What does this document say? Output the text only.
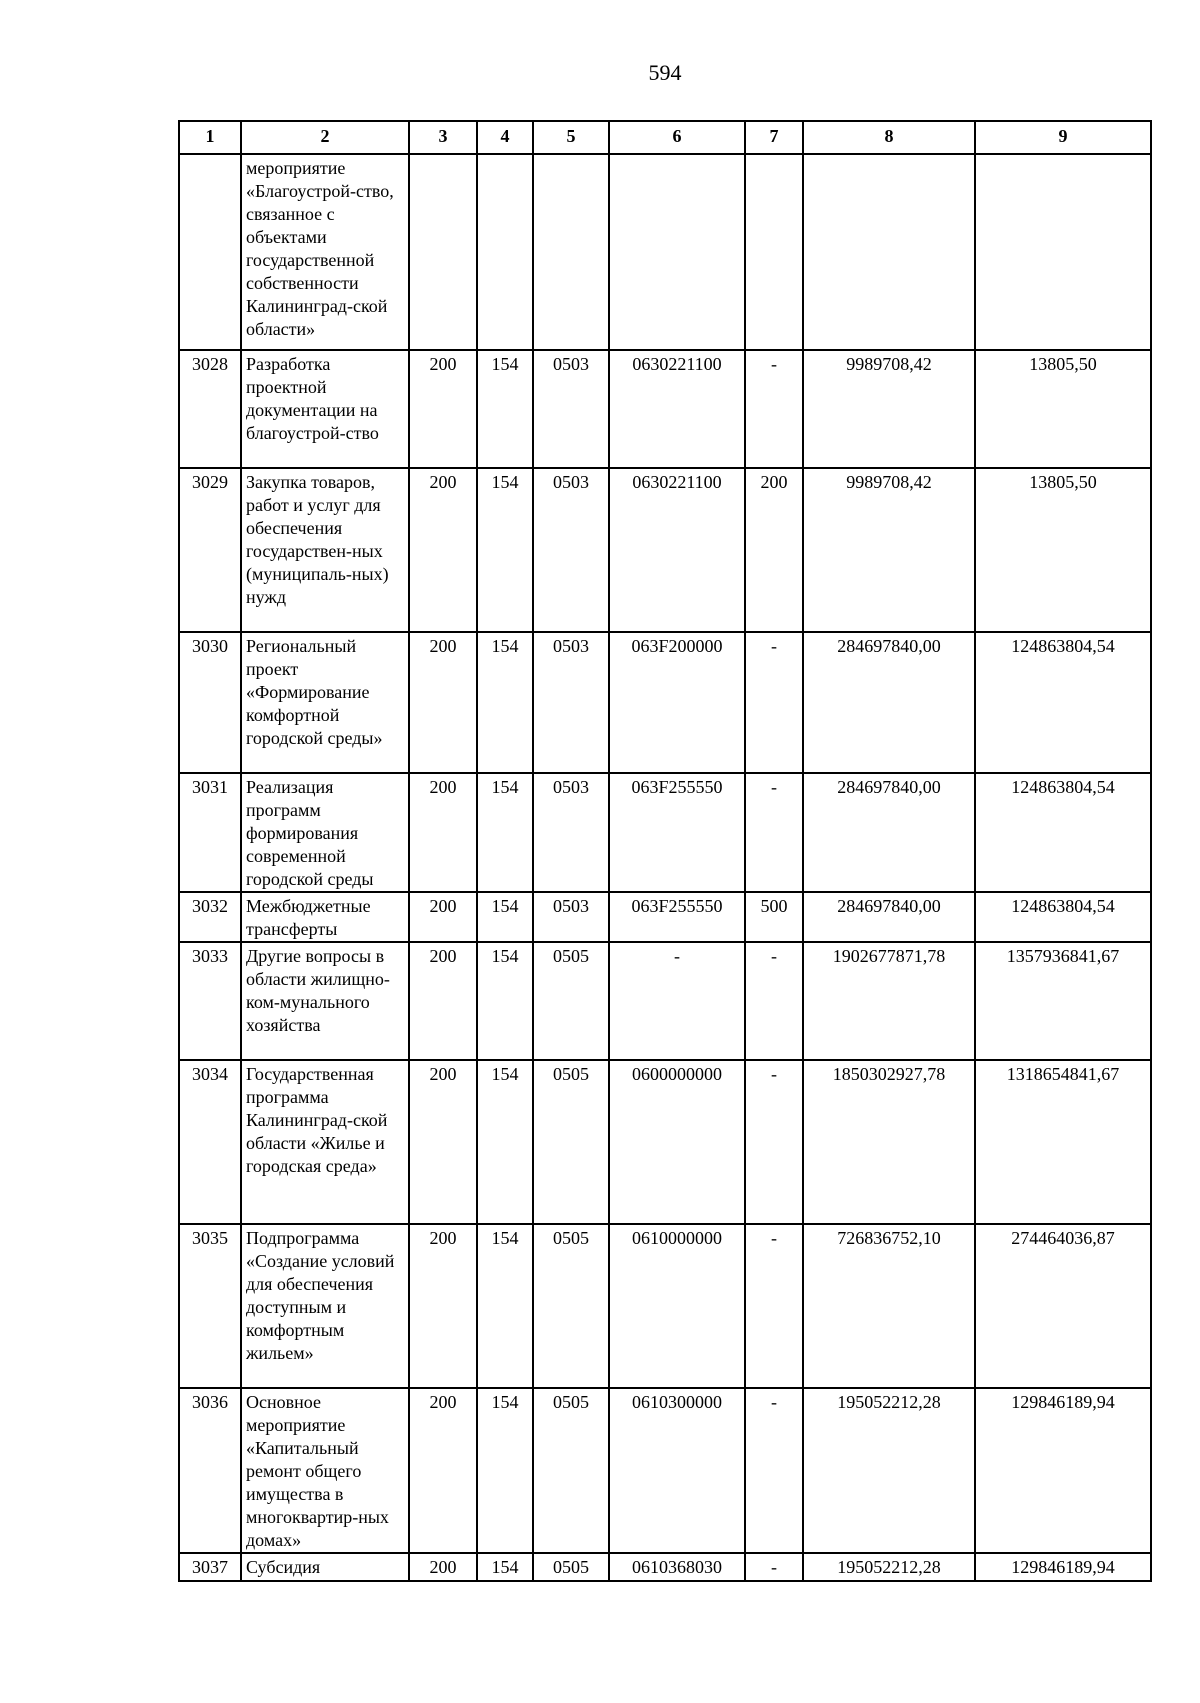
594
1	2	3	4	5	6	7	8	9
	мероприятие «Благоустрой-ство, связанное с объектами государственной собственности Калининград-ской области»							
3028	Разработка проектной документации на благоустрой-ство	200	154	0503	0630221100	-	9989708,42	13805,50
3029	Закупка товаров, работ и услуг для обеспечения государствен-ных (муниципаль-ных) нужд	200	154	0503	0630221100	200	9989708,42	13805,50
3030	Региональный проект «Формирование комфортной городской среды»	200	154	0503	063F200000	-	284697840,00	124863804,54
3031	Реализация программ формирования современной городской среды	200	154	0503	063F255550	-	284697840,00	124863804,54
3032	Межбюджетные трансферты	200	154	0503	063F255550	500	284697840,00	124863804,54
3033	Другие вопросы в области жилищно-ком-мунального хозяйства	200	154	0505	-	-	1902677871,78	1357936841,67
3034	Государственная программа Калининград-ской области «Жилье и городская среда»	200	154	0505	0600000000	-	1850302927,78	1318654841,67
3035	Подпрограмма «Создание условий для обеспечения доступным и комфортным жильем»	200	154	0505	0610000000	-	726836752,10	274464036,87
3036	Основное мероприятие «Капитальный ремонт общего имущества в многоквартир-ных домах»	200	154	0505	0610300000	-	195052212,28	129846189,94
3037	Субсидия	200	154	0505	0610368030	-	195052212,28	129846189,94
